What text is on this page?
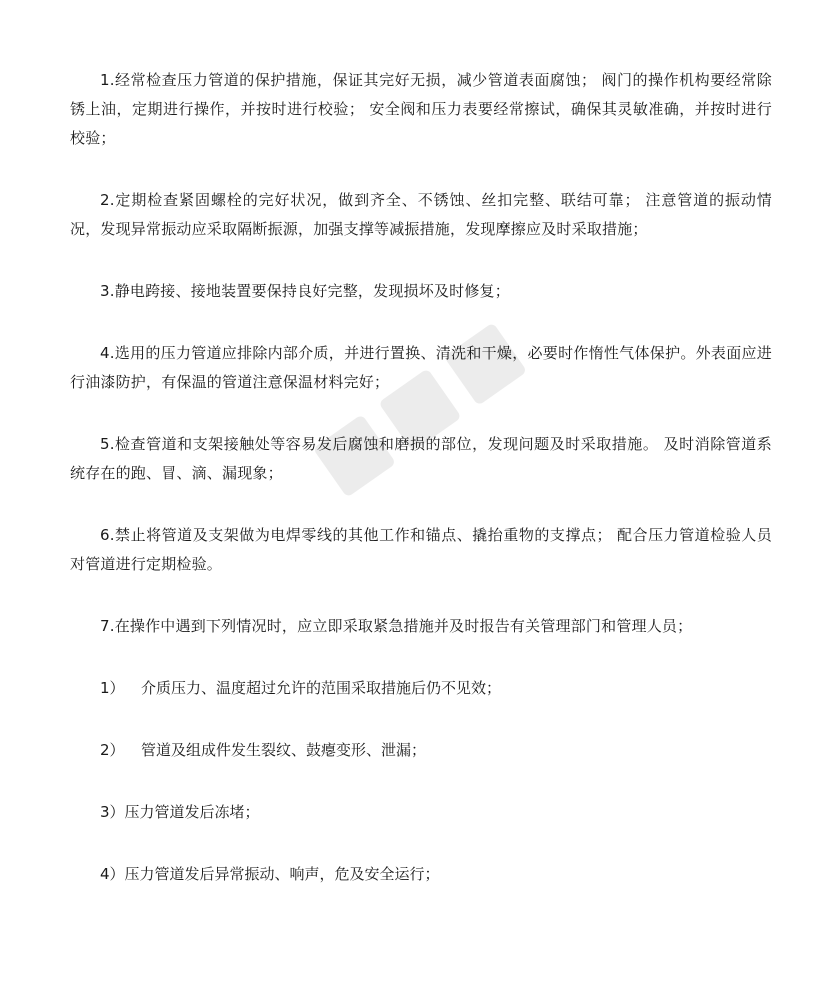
1.经常检查压力管道的保护措施，保证其完好无损，减少管道表面腐蚀； 阀门的操作机构要经常除锈上油，定期进行操作，并按时进行校验； 安全阀和压力表要经常擦试，确保其灵敏准确，并按时进行校验；

2.定期检查紧固螺栓的完好状况，做到齐全、不锈蚀、丝扣完整、联结可靠； 注意管道的振动情况，发现异常振动应采取隔断振源，加强支撑等减振措施，发现摩擦应及时采取措施；

3.静电跨接、接地装置要保持良好完整，发现损坏及时修复；

4.选用的压力管道应排除内部介质，并进行置换、清洗和干燥，必要时作惰性气体保护。外表面应进行油漆防护，有保温的管道注意保温材料完好；

5.检查管道和支架接触处等容易发后腐蚀和磨损的部位，发现问题及时采取措施。 及时消除管道系统存在的跑、冒、滴、漏现象；

6.禁止将管道及支架做为电焊零线的其他工作和锚点、撬抬重物的支撑点； 配合压力管道检验人员对管道进行定期检验。

7.在操作中遇到下列情况时，应立即采取紧急措施并及时报告有关管理部门和管理人员；

1）	介质压力、温度超过允许的范围采取措施后仍不见效；
2）	管道及组成件发生裂纹、鼓瘪变形、泄漏；
3） 压力管道发后冻堵；
4） 压力管道发后异常振动、响声，危及安全运行；
